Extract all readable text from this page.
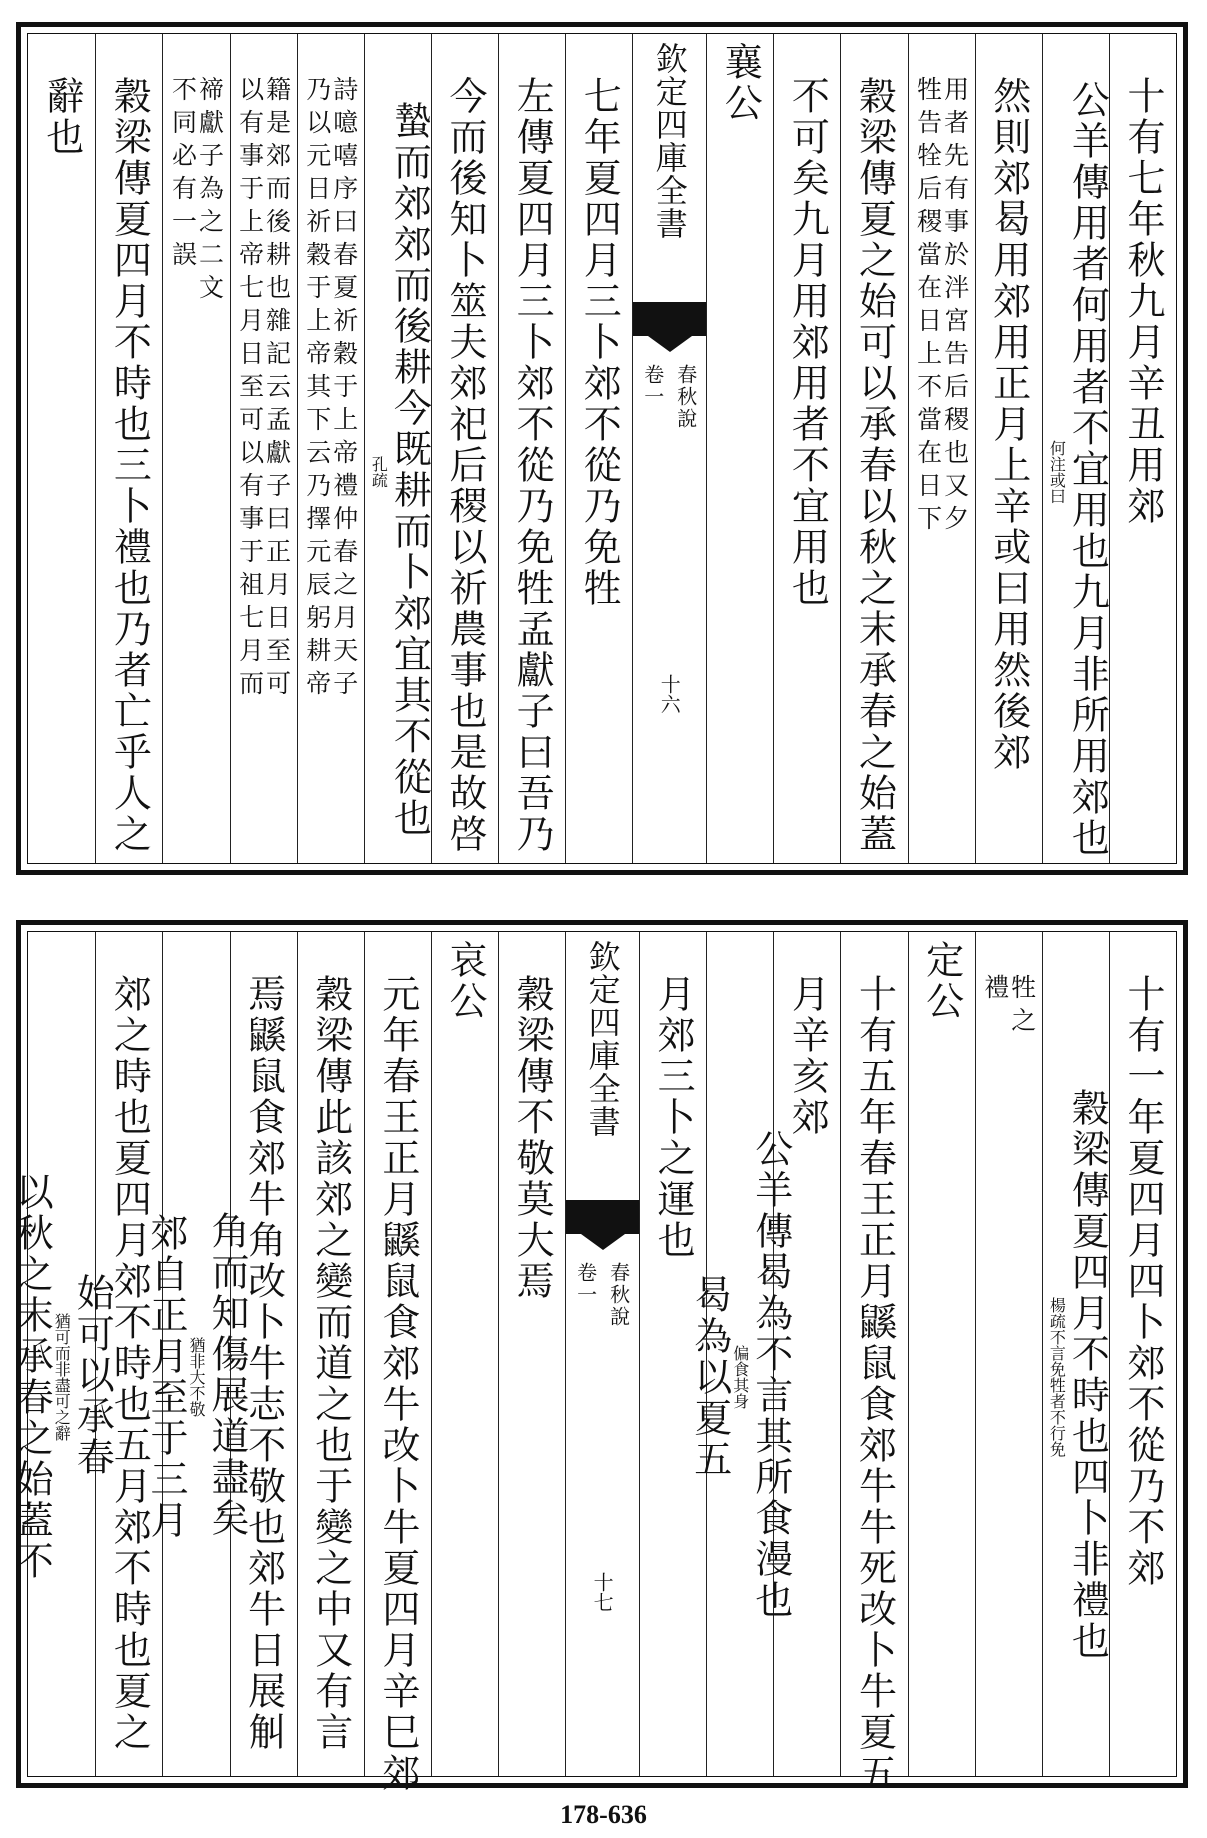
十有七年秋九月辛丑用郊
公羊傳用者何用者不宜用也九月非所用郊也
何注或曰
然則郊曷用郊用正月上辛或曰用然後郊
用者先有事於泮宮告后稷也又夕
牲告牷后稷當在日上不當在日下
穀梁傳夏之始可以承春以秋之末承春之始蓋
不可矣九月用郊用者不宜用也
襄公
欽定四庫全書
春秋說
卷一
十六
七年夏四月三卜郊不從乃免牲
左傳夏四月三卜郊不從乃免牲孟獻子曰吾乃
今而後知卜筮夫郊祀后稷以祈農事也是故啓
蟄而郊郊而後耕今既耕而卜郊宜其不從也
孔疏
詩噫嘻序曰春夏祈穀于上帝禮仲春之月天子
乃以元日祈穀于上帝其下云乃擇元辰躬耕帝
籍是郊而後耕也雜記云孟獻子曰正月日至可
以有事于上帝七月日至可以有事于祖七月而
禘獻子為之二文
不同必有一誤
穀梁傳夏四月不時也三卜禮也乃者亡乎人之
辭也
十有一年夏四月四卜郊不從乃不郊
穀梁傳夏四月不時也四卜非禮也
楊疏不言免牲者不行免
牲之
禮
定公
十有五年春王正月鼷鼠食郊牛牛死改卜牛夏五
月辛亥郊
公羊傳曷為不言其所食漫也
偏食其身
曷為以夏五
月郊三卜之運也
欽定四庫全書
春秋說
卷一
十七
穀梁傳不敬莫大焉
哀公
元年春王正月鼷鼠食郊牛改卜牛夏四月辛巳郊
穀梁傳此該郊之變而道之也于變之中又有言
焉鼷鼠食郊牛角改卜牛志不敬也郊牛日展觓
角而知傷展道盡矣
猶非大不敬
郊自正月至于三月
郊之時也夏四月郊不時也五月郊不時也夏之
始可以承春
猶可而非盡可之辭
以秋之末承春之始蓋不
178-636
